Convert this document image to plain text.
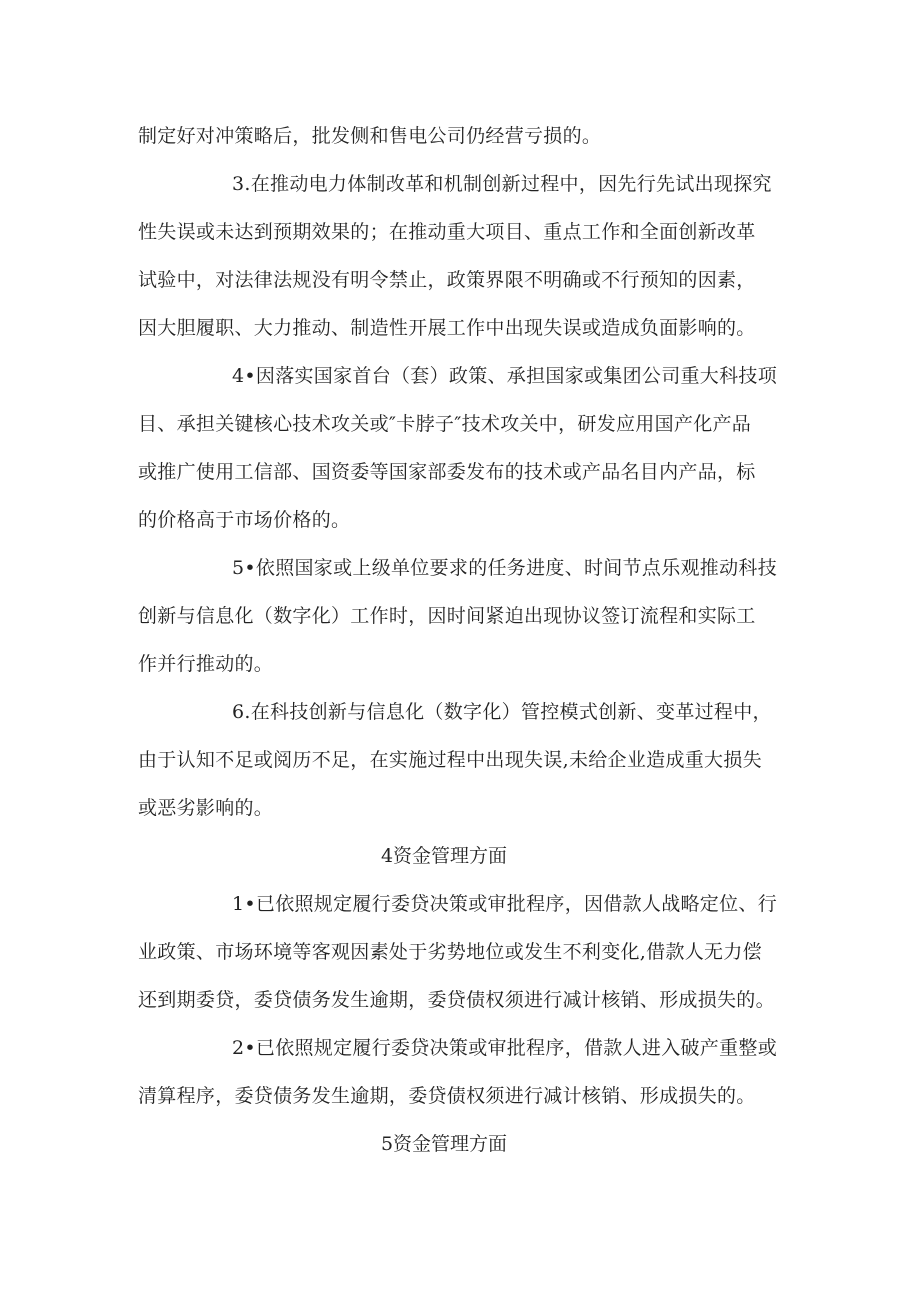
制定好对冲策略后，批发侧和售电公司仍经营亏损的。
3.在推动电力体制改革和机制创新过程中，因先行先试出现探究
性失误或未达到预期效果的；在推动重大项目、重点工作和全面创新改革
试验中，对法律法规没有明令禁止，政策界限不明确或不行预知的因素，
因大胆履职、大力推动、制造性开展工作中出现失误或造成负面影响的。
4•因落实国家首台（套）政策、承担国家或集团公司重大科技项
目、承担关键核心技术攻关或″卡脖子″技术攻关中，研发应用国产化产品
或推广使用工信部、国资委等国家部委发布的技术或产品名目内产品，标
的价格高于市场价格的。
5•依照国家或上级单位要求的任务进度、时间节点乐观推动科技
创新与信息化（数字化）工作时，因时间紧迫出现协议签订流程和实际工
作并行推动的。
6.在科技创新与信息化（数字化）管控模式创新、变革过程中，
由于认知不足或阅历不足，在实施过程中出现失误,未给企业造成重大损失
或恶劣影响的。
4资金管理方面
1•已依照规定履行委贷决策或审批程序，因借款人战略定位、行
业政策、市场环境等客观因素处于劣势地位或发生不利变化,借款人无力偿
还到期委贷，委贷债务发生逾期，委贷债权须进行减计核销、形成损失的。
2•已依照规定履行委贷决策或审批程序，借款人进入破产重整或
清算程序，委贷债务发生逾期，委贷债权须进行减计核销、形成损失的。
5资金管理方面
